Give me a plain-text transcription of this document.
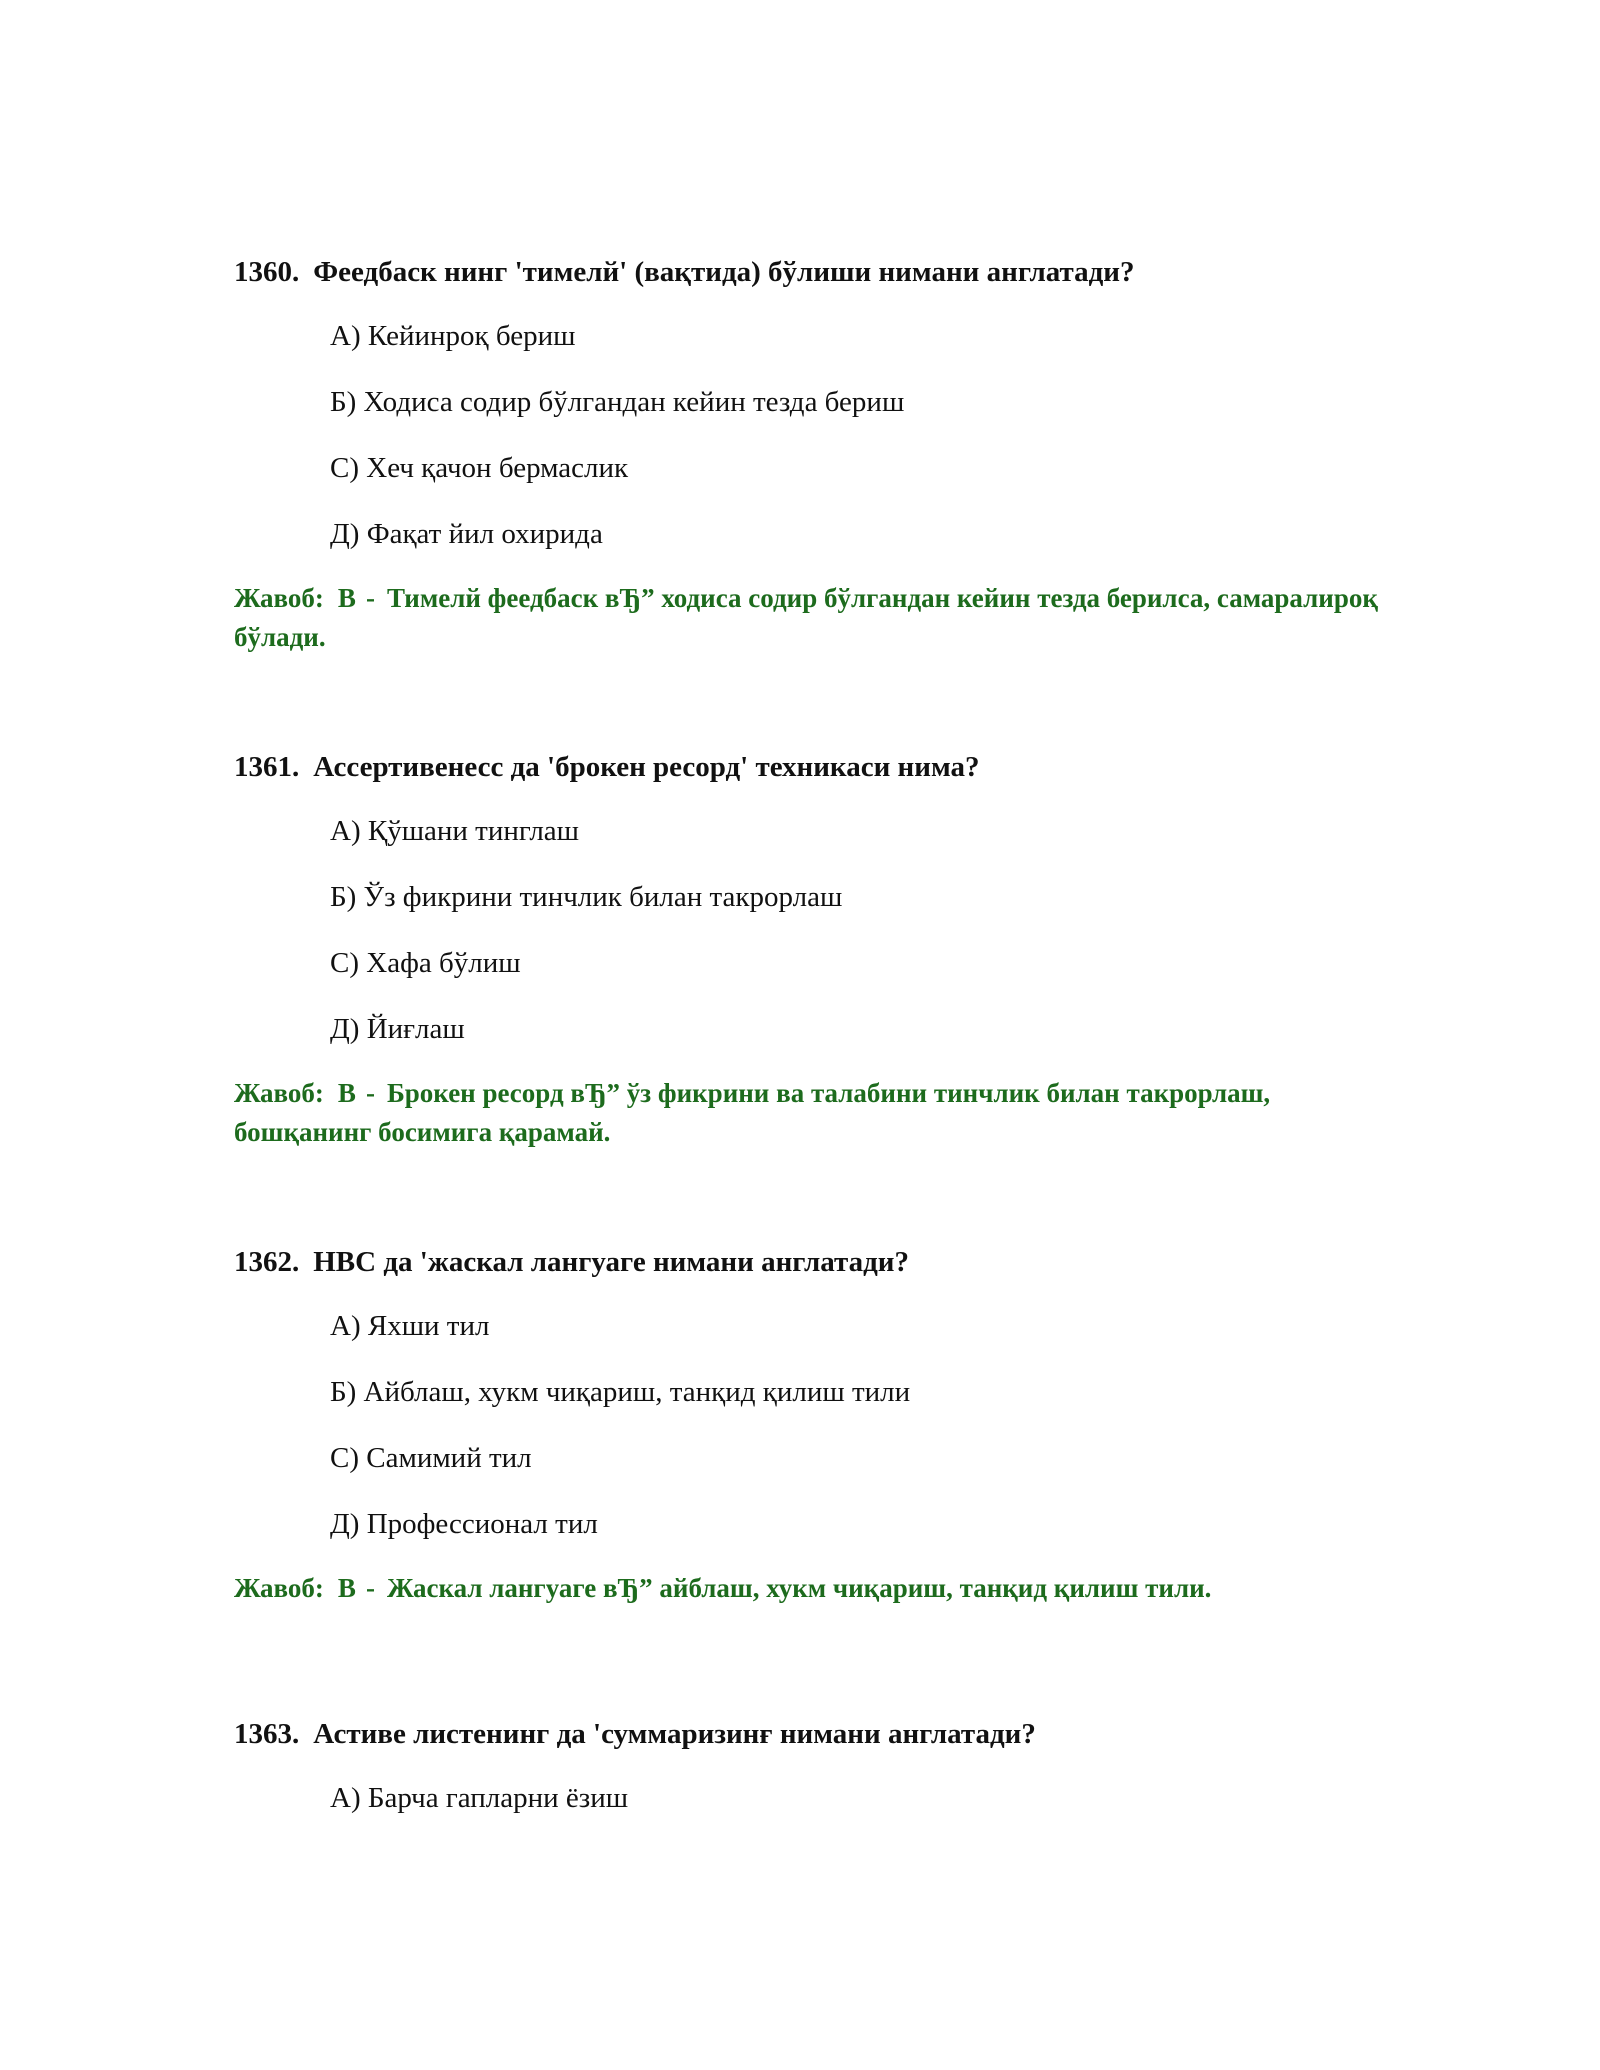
1360. Феедбаск нинг 'тимелй' (вақтида) бўлиши нимани англатади?
А) Кейинроқ бериш
Б) Ходиса содир бўлгандан кейин тезда бериш
С) Хеч қачон бермаслик
Д) Фақат йил охирида
Жавоб: B - Тимелй феедбаск вЂ” ходиса содир бўлгандан кейин тезда берилса, самаралироқ бўлади.
1361. Ассертивенесс да 'брокен ресорд' техникаси нима?
А) Қўшани тинглаш
Б) Ўз фикрини тинчлик билан такрорлаш
С) Хафа бўлиш
Д) Йиғлаш
Жавоб: B - Брокен ресорд вЂ” ўз фикрини ва талабини тинчлик билан такрорлаш, бошқанинг босимига қарамай.
1362. НВС да 'жаскал лангуаге нимани англатади?
А) Яхши тил
Б) Айблаш, хукм чиқариш, танқид қилиш тили
С) Самимий тил
Д) Профессионал тил
Жавоб: B - Жаскал лангуаге вЂ” айблаш, хукм чиқариш, танқид қилиш тили.
1363. Астиве листенинг да 'суммаризинғ нимани англатади?
А) Барча гапларни ёзиш
